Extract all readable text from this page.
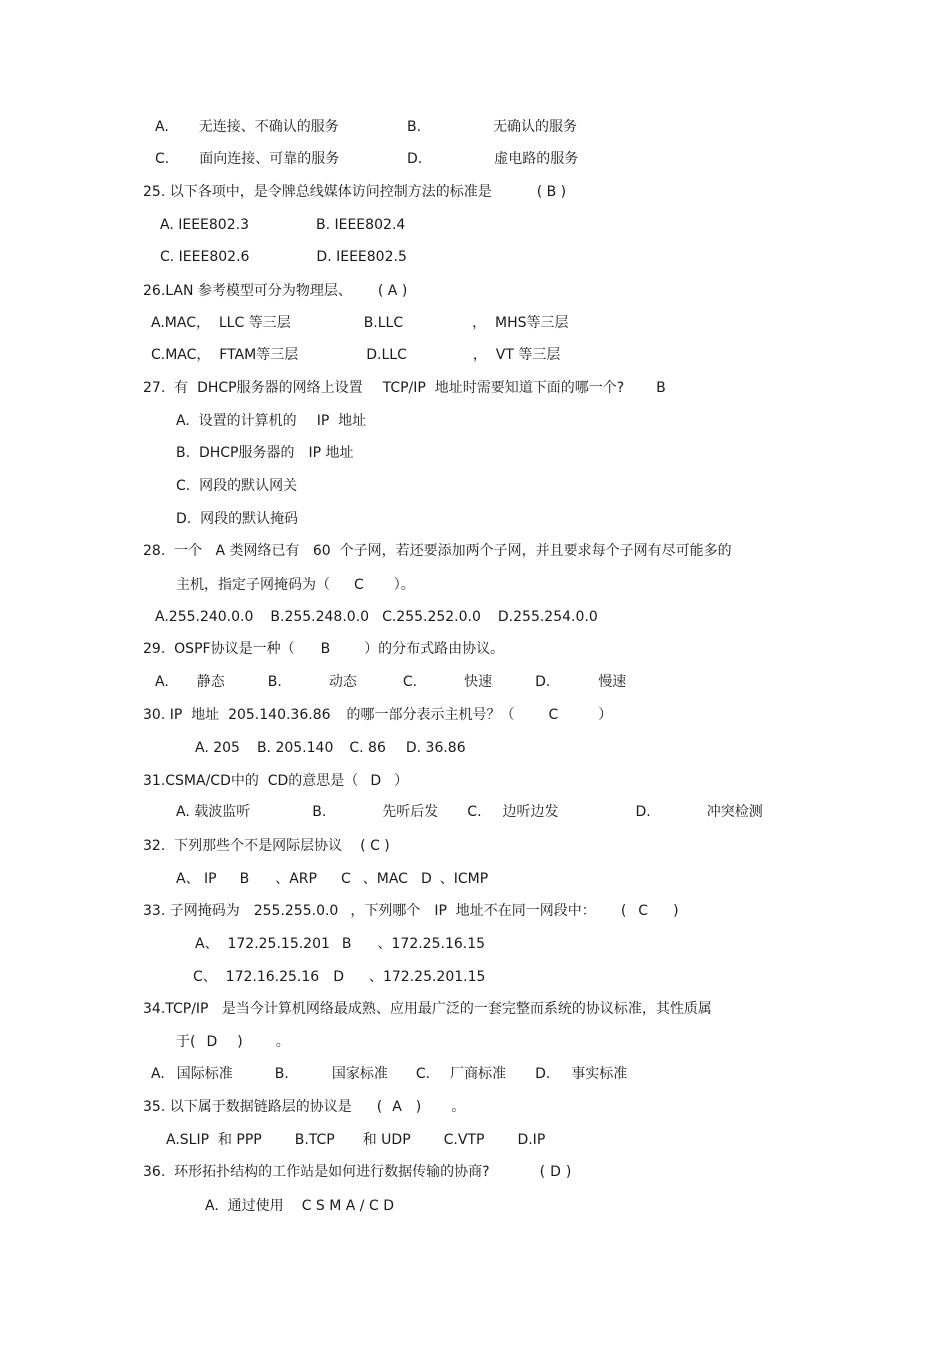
A. 无连接、不确认的服务	B.	无确认的服务
C. 面向连接、可靠的服务	D.	虚电路的服务
25. 以下各项中，是令牌总线媒体访问控制方法的标准是	( B )
A. IEEE802.3	B. IEEE802.4
C. IEEE802.6	D. IEEE802.5
26.LAN 参考模型可分为物理层、 ( A )
A.MAC，  LLC 等三层	B.LLC	，  MHS等三层
C.MAC，  FTAM等三层	D.LLC	，  VT 等三层
27.  有  DHCP服务器的网络上设置 TCP/IP  地址时需要知道下面的哪一个? B
A.  设置的计算机的 IP  地址
B.  DHCP服务器的 IP 地址
C.  网段的默认网关
D.  网段的默认掩码
28.  一个   A 类网络已有   60  个子网，若还要添加两个子网，并且要求每个子网有尽可能多的
主机，指定子网掩码为（ C ）。
A.255.240.0.0 B.255.248.0.0 C.255.252.0.0 D.255.254.0.0
29.  OSPF协议是一种（ B ）的分布式路由协议。
A. 静态	B.	动态	C.	快速	D.	慢速
30. IP  地址  205.140.36.86 的哪一部分表示主机号？（ C	）
A. 205 B. 205.140 C. 86 D. 36.86
31.CSMA/CD中的  CD的意思是（ D ）
A. 载波监听	B.	先听后发 C. 边听边发	D.	冲突检测
32.  下列那些个不是网际层协议 ( C )
A、 IP B 、ARP C 、MAC D 、ICMP
33. 子网掩码为 255.255.0.0 ，下列哪个 IP  地址不在同一网段中： ( C )
A、  172.25.15.201 B 、172.25.16.15
C、  172.16.25.16 D 、172.25.201.15
34.TCP/IP   是当今计算机网络最成熟、应用最广泛的一套完整而系统的协议标准，其性质属
于( D ) 。
A. 国际标准	B.	国家标准 C. 厂商标准 D. 事实标准
35. 以下属于数据链路层的协议是 ( A ) 。
A.SLIP  和 PPP B.TCP 和 UDP C.VTP D.IP
36.  环形拓扑结构的工作站是如何进行数据传输的协商?	( D )
A.  通过使用 C S M A / C D
